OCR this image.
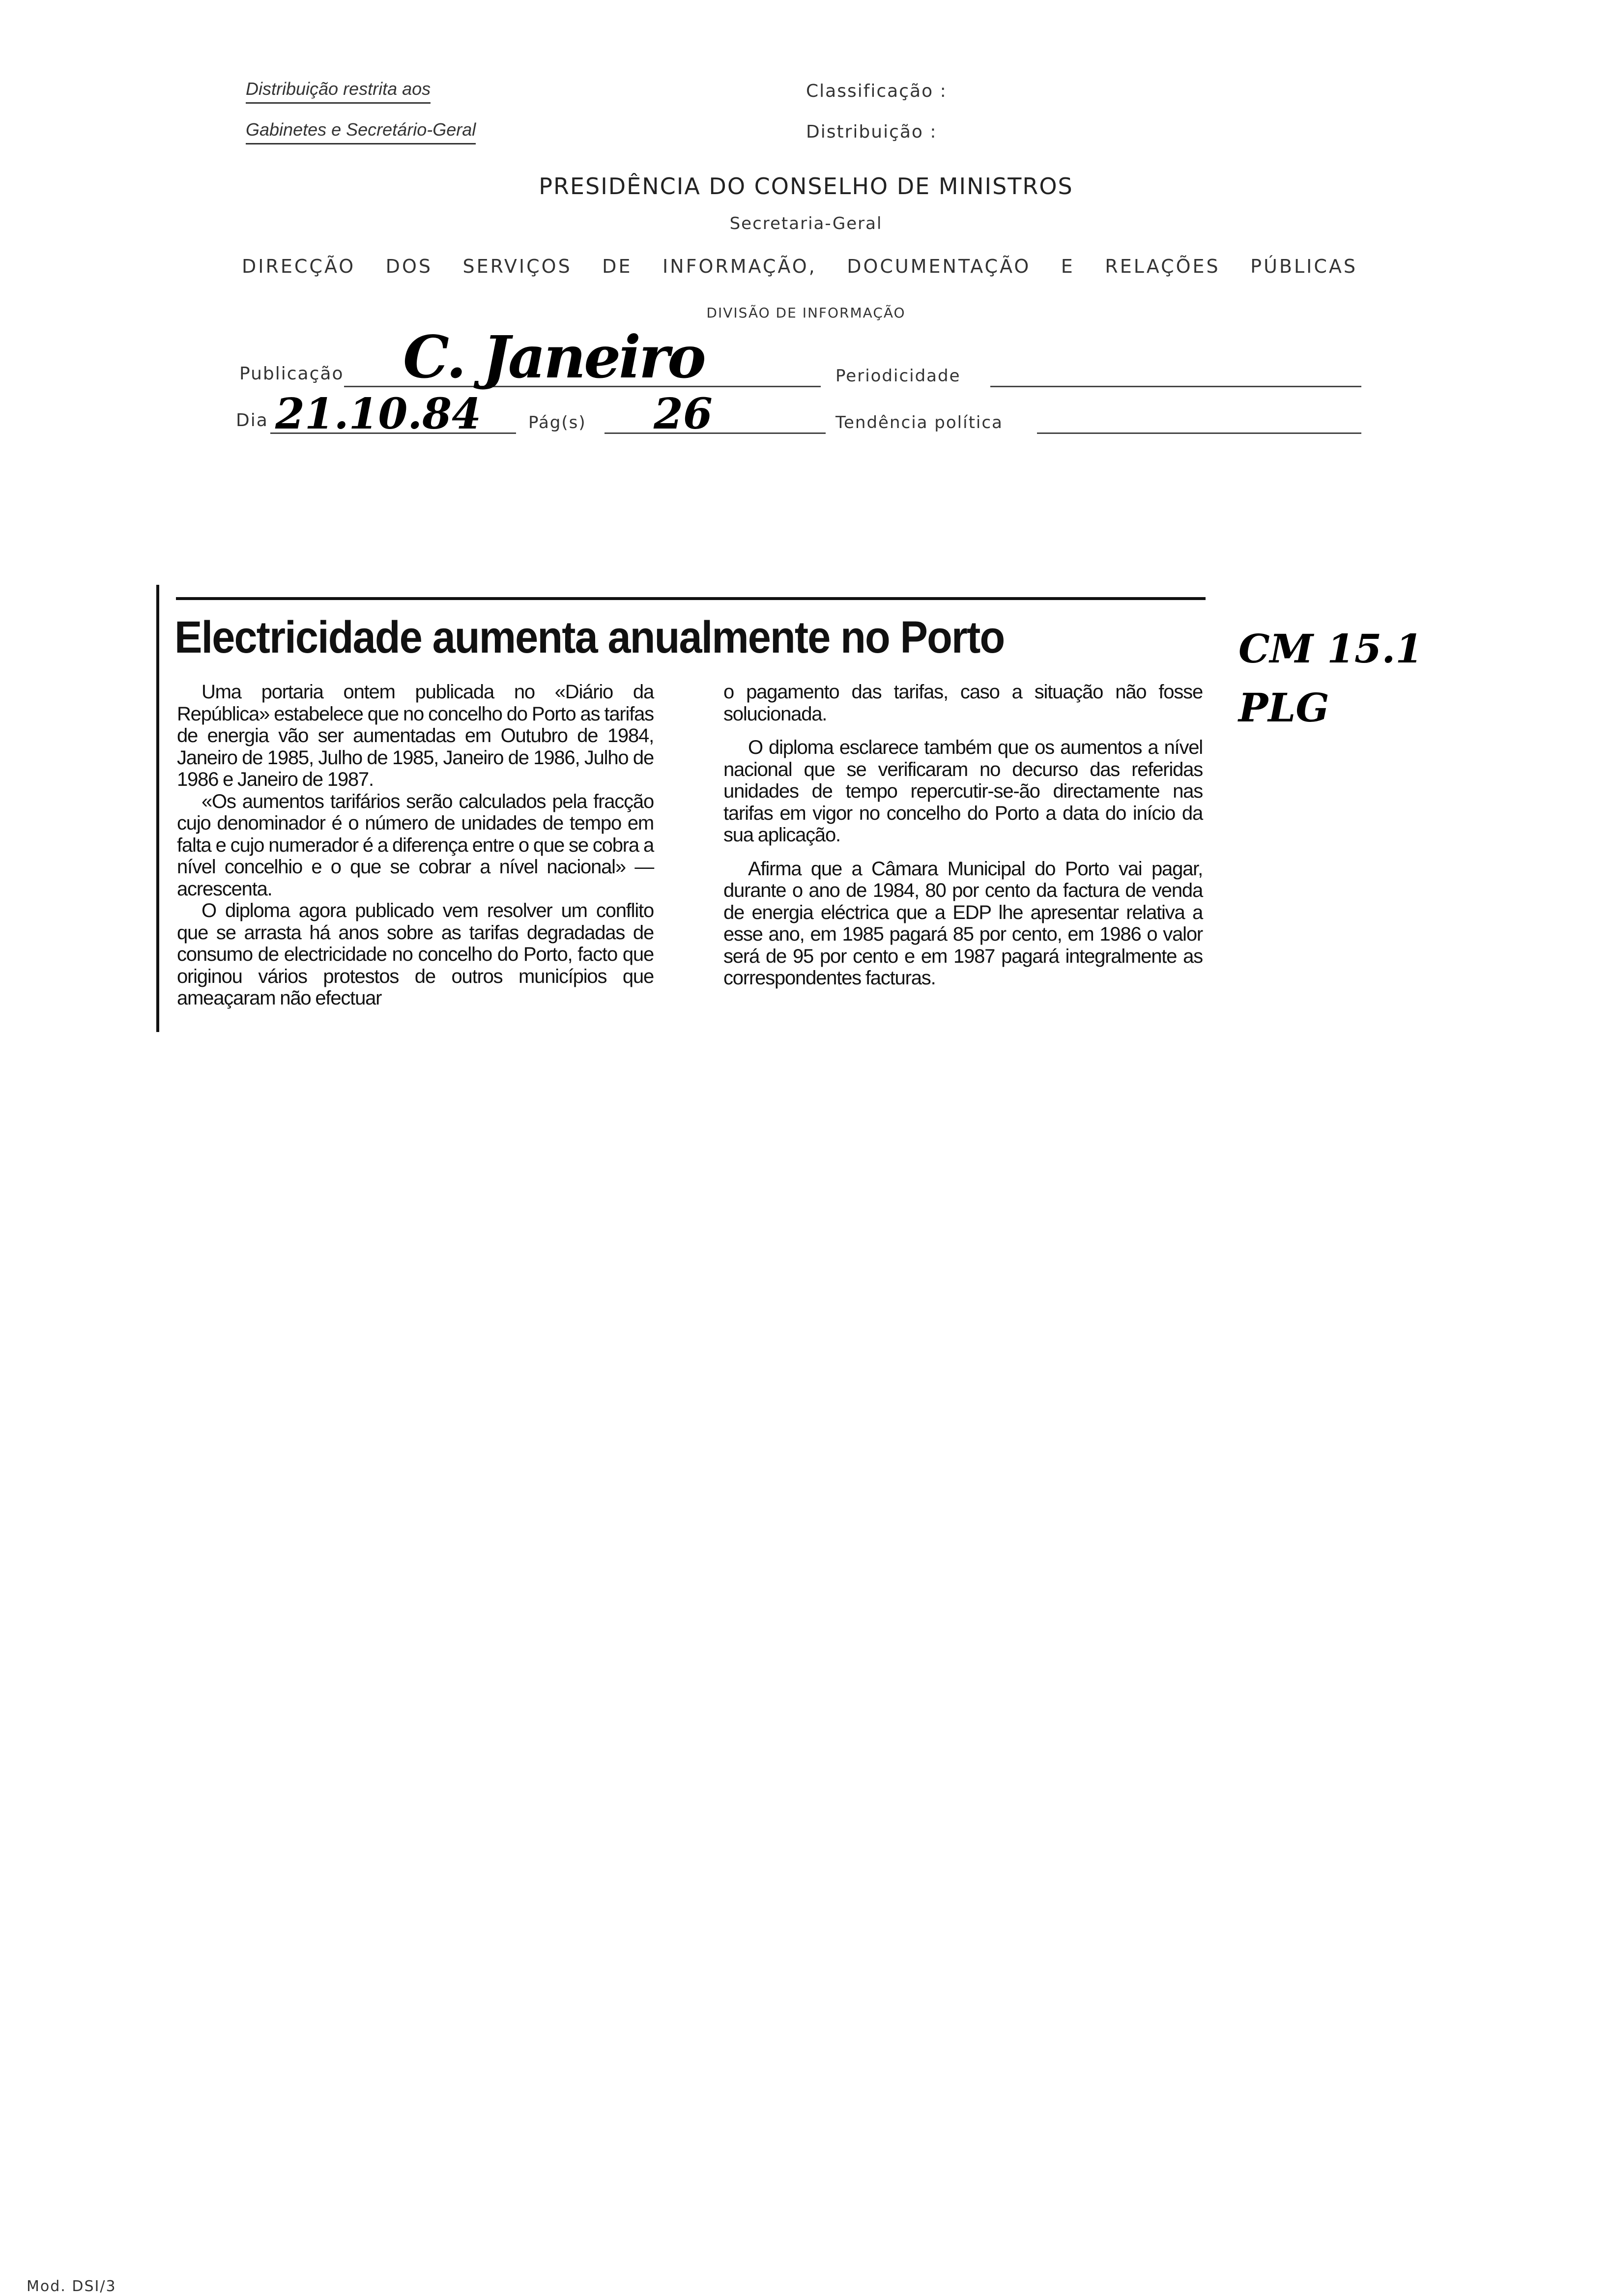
Distribuição restrita aos
Gabinetes e Secretário-Geral
Classificação :
Distribuição :
PRESIDÊNCIA DO CONSELHO DE MINISTROS
Secretaria-Geral
DIRECÇÃO DOS SERVIÇOS DE INFORMAÇÃO, DOCUMENTAÇÃO E RELAÇÕES PÚBLICAS
DIVISÃO DE INFORMAÇÃO
Publicação C. Janeiro	Periodicidade
Dia 21.10.84	Pág(s) 26	Tendência política
Electricidade aumenta anualmente no Porto	CM 15.1
PLG

Uma portaria ontem publicada no «Diário da República» estabelece que no concelho do Porto as tarifas de energia vão ser aumentadas em Outubro de 1984, Janeiro de 1985, Julho de 1985, Janeiro de 1986, Julho de 1986 e Janeiro de 1987.

«Os aumentos tarifários serão calculados pela fracção cujo denominador é o número de unidades de tempo em falta e cujo numerador é a diferença entre o que se cobra a nível concelhio e o que se cobrar a nível nacional» — acrescenta.

O diploma agora publicado vem resolver um conflito que se arrasta há anos sobre as tarifas degradadas de consumo de electricidade no concelho do Porto, facto que originou vários protestos de outros municípios que ameaçaram não efectuar

o pagamento das tarifas, caso a situação não fosse solucionada.

O diploma esclarece também que os aumentos a nível nacional que se verificaram no decurso das referidas unidades de tempo repercutir-se-ão directamente nas tarifas em vigor no concelho do Porto a data do início da sua aplicação.

Afirma que a Câmara Municipal do Porto vai pagar, durante o ano de 1984, 80 por cento da factura de venda de energia eléctrica que a EDP lhe apresentar relativa a esse ano, em 1985 pagará 85 por cento, em 1986 o valor será de 95 por cento e em 1987 pagará integralmente as correspondentes facturas.

Mod. DSI/3
